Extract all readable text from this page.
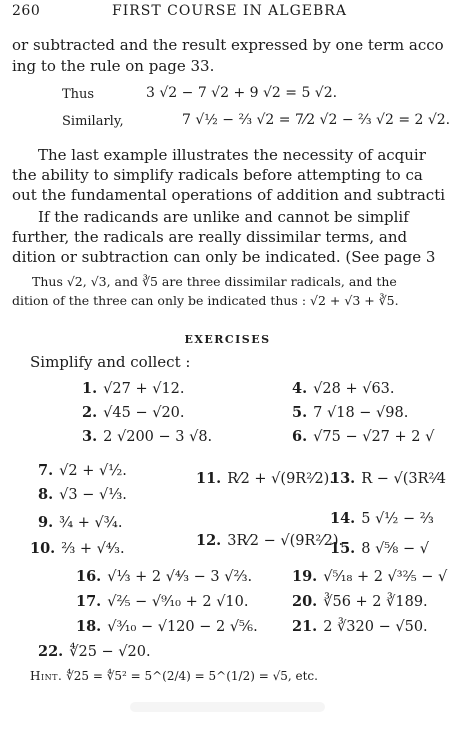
260	FIRST COURSE IN ALGEBRA
or subtracted and the result expressed by one term acco
ing to the rule on page 33.
Thus	3 √2 − 7 √2 + 9 √2 = 5 √2.
Similarly,	7 √½ − ⅔ √2 = 7⁄2 √2 − ⅔ √2 = 2 √2.
The last example illustrates the necessity of acquir
the ability to simplify radicals before attempting to ca
out the fundamental operations of addition and subtracti
If the radicands are unlike and cannot be simplif
further, the radicals are really dissimilar terms, and
dition or subtraction can only be indicated. (See page 3
Thus √2, √3, and ∛5 are three dissimilar radicals, and the
dition of the three can only be indicated thus : √2 + √3 + ∛5.
EXERCISES
Simplify and collect :
1. √27 + √12.
2. √45 − √20.
3. 2 √200 − 3 √8.
4. √28 + √63.
5. 7 √18 − √98.
6. √75 − √27 + 2 √
7. √2 + √½.
8. √3 − √⅓.
9. ¾ + √¾.
10. ⅔ + √⁴⁄₃.
11. R⁄2 + √(9R²⁄2).
12. 3R⁄2 − √(9R²⁄2).
13. R − √(3R²⁄4
14. 5 √½ − ⅔
15. 8 √⅝ − √
16. √⅓ + 2 √⁴⁄₃ − 3 √⅔.
17. √⅖ − √⁹⁄₁₀ + 2 √10.
18. √³⁄₁₀ − √120 − 2 √⅚.
19. √⁵⁄₁₈ + 2 √³²⁄₅ − √
20. ∛56 + 2 ∛189.
21. 2 ∛320 − √50.
22. ∜25 − √20.
Hint. ∜25 = ∜5² = 5^(2/4) = 5^(1/2) = √5, etc.
